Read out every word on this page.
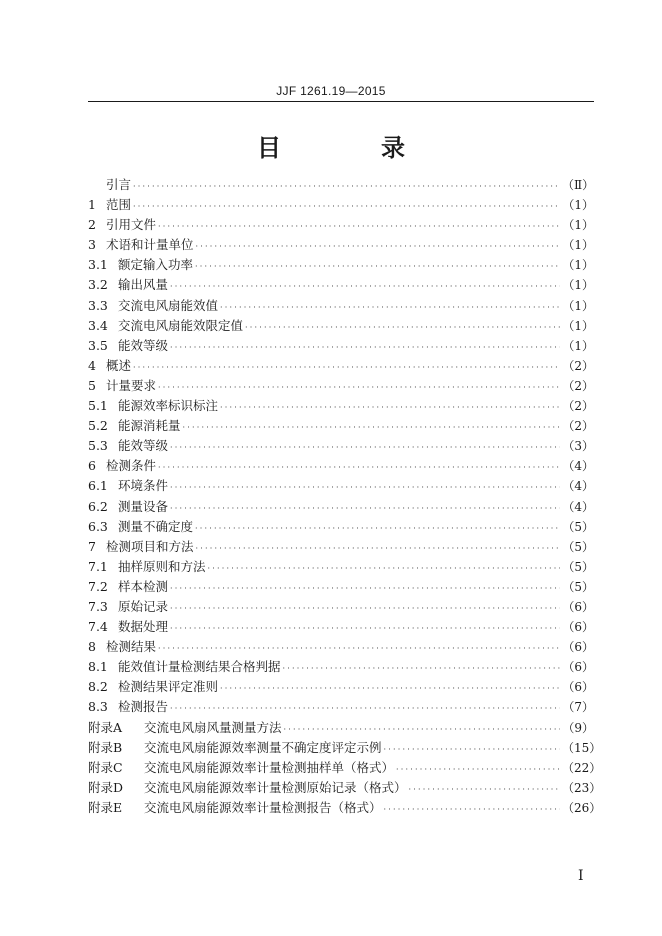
JJF 1261.19—2015
目　录
引言 ·····	（Ⅱ）
1 范围 ·····	（1）
2 引用文件 ·····	（1）
3 术语和计量单位 ·····	（1）
3.1 额定输入功率 ·····	（1）
3.2 输出风量 ·····	（1）
3.3 交流电风扇能效值 ·····	（1）
3.4 交流电风扇能效限定值 ·····	（1）
3.5 能效等级 ·····	（1）
4 概述 ·····	（2）
5 计量要求 ·····	（2）
5.1 能源效率标识标注 ·····	（2）
5.2 能源消耗量 ·····	（2）
5.3 能效等级 ·····	（3）
6 检测条件 ·····	（4）
6.1 环境条件 ·····	（4）
6.2 测量设备 ·····	（4）
6.3 测量不确定度 ·····	（5）
7 检测项目和方法 ·····	（5）
7.1 抽样原则和方法 ·····	（5）
7.2 样本检测 ·····	（5）
7.3 原始记录 ·····	（6）
7.4 数据处理 ·····	（6）
8 检测结果 ·····	（6）
8.1 能效值计量检测结果合格判据 ·····	（6）
8.2 检测结果评定准则 ·····	（6）
8.3 检测报告 ·····	（7）
附录A	交流电风扇风量测量方法 ·····	（9）
附录B	交流电风扇能源效率测量不确定度评定示例 ·····	（15）
附录C	交流电风扇能源效率计量检测抽样单（格式） ·····	（22）
附录D	交流电风扇能源效率计量检测原始记录（格式） ·····	（23）
附录E	交流电风扇能源效率计量检测报告（格式） ·····	（26）
Ⅰ
